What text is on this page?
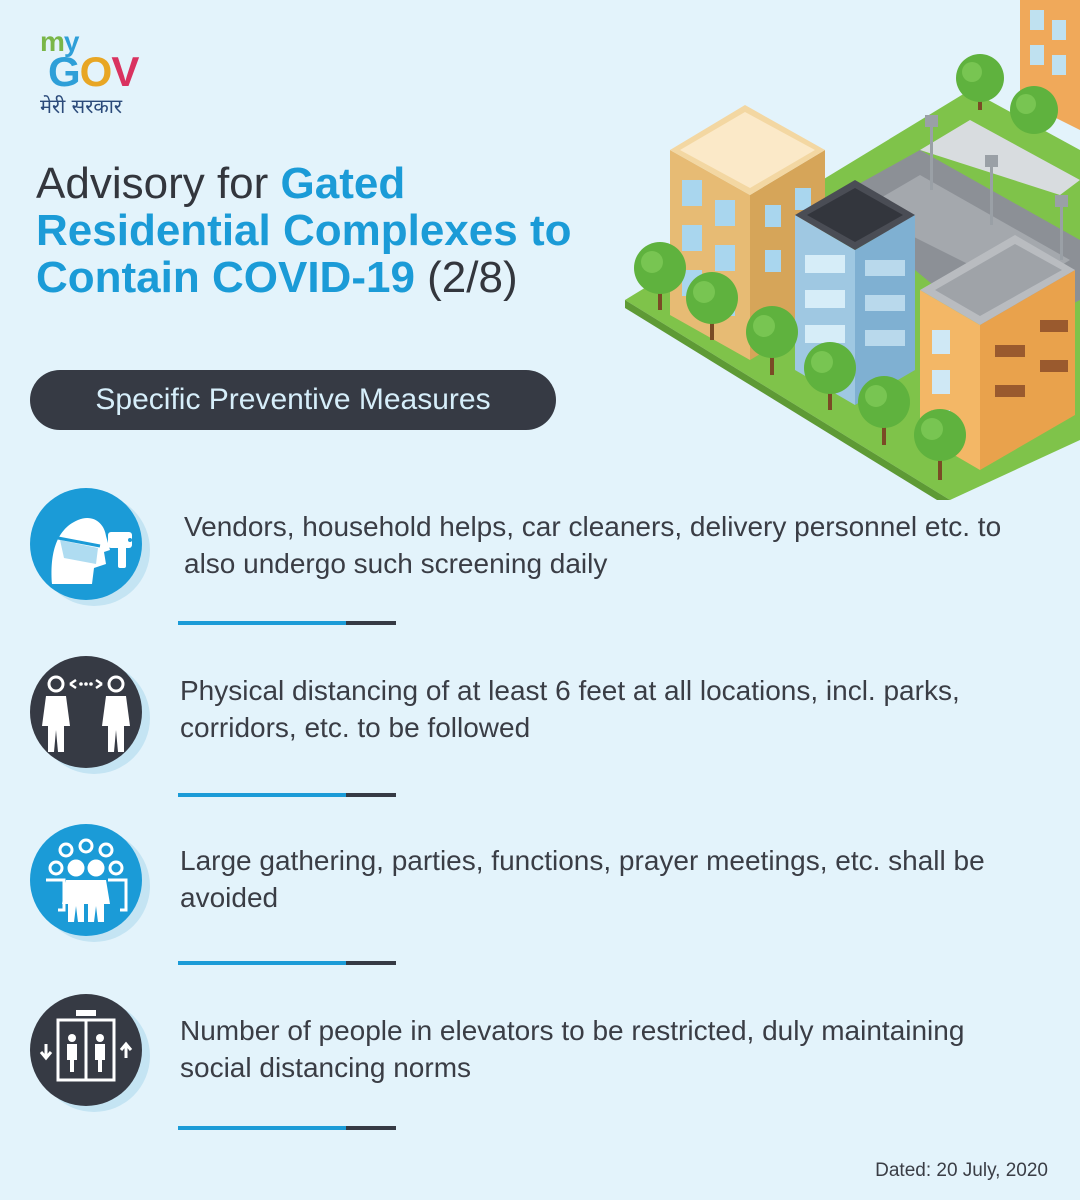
my
GOV
मेरी सरकार
Advisory for Gated Residential Complexes to Contain COVID-19 (2/8)
Specific Preventive Measures
Vendors, household helps, car cleaners, delivery personnel etc. to also undergo such screening daily
Physical distancing of at least 6 feet at all locations, incl. parks, corridors, etc. to be followed
Large gathering, parties, functions, prayer meetings, etc. shall be avoided
Number of people in elevators to be restricted, duly maintaining social distancing norms
Dated: 20 July, 2020
